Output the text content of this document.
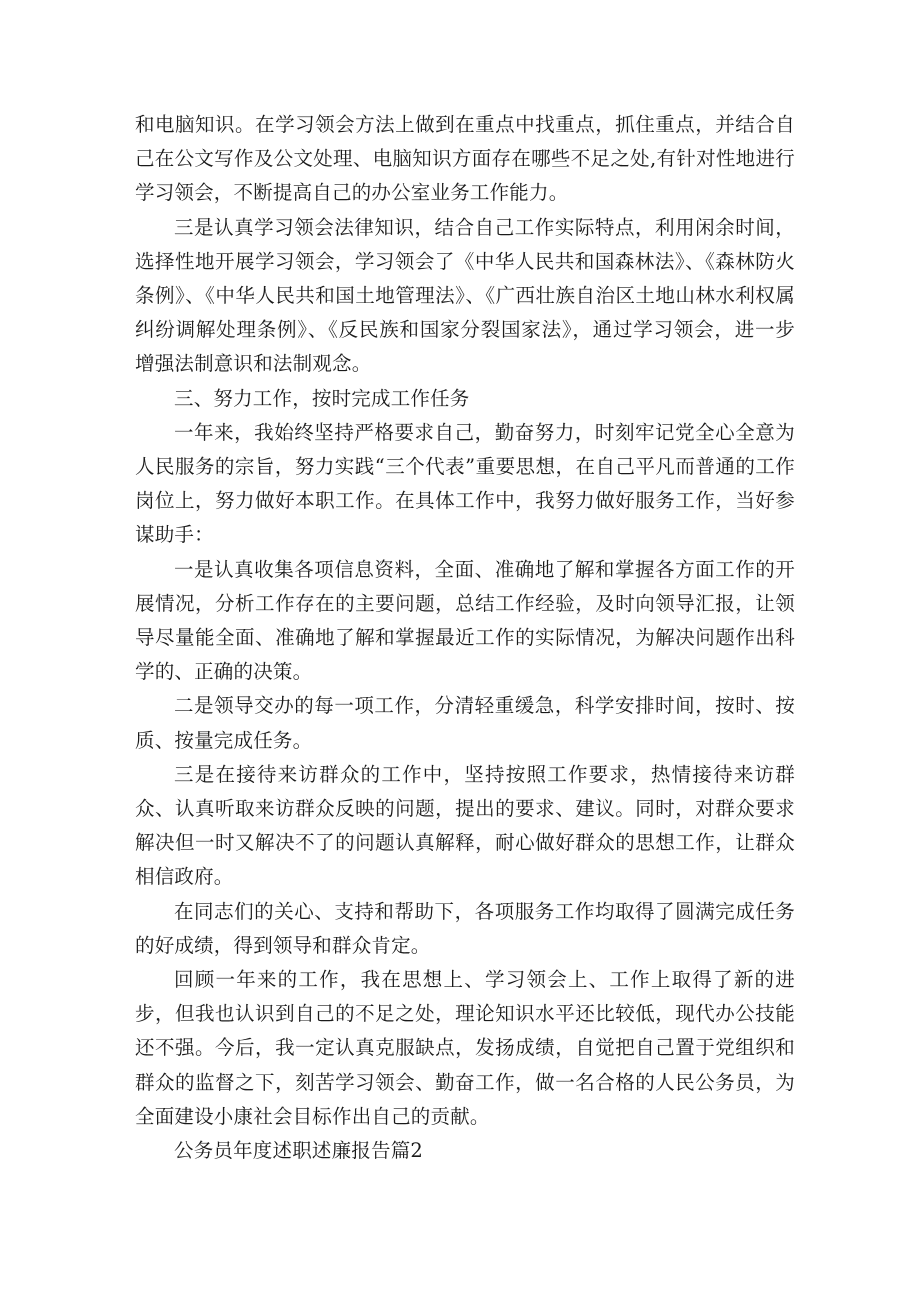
和电脑知识。在学习领会方法上做到在重点中找重点，抓住重点，并结合自己在公文写作及公文处理、电脑知识方面存在哪些不足之处,有针对性地进行学习领会，不断提高自己的办公室业务工作能力。

三是认真学习领会法律知识，结合自己工作实际特点，利用闲余时间，选择性地开展学习领会，学习领会了《中华人民共和国森林法》、《森林防火条例》、《中华人民共和国土地管理法》、《广西壮族自治区土地山林水利权属纠纷调解处理条例》、《反民族和国家分裂国家法》，通过学习领会，进一步增强法制意识和法制观念。

三、努力工作，按时完成工作任务

一年来，我始终坚持严格要求自己，勤奋努力，时刻牢记党全心全意为人民服务的宗旨，努力实践“三个代表”重要思想，在自己平凡而普通的工作岗位上，努力做好本职工作。在具体工作中，我努力做好服务工作，当好参谋助手：

一是认真收集各项信息资料，全面、准确地了解和掌握各方面工作的开展情况，分析工作存在的主要问题，总结工作经验，及时向领导汇报，让领导尽量能全面、准确地了解和掌握最近工作的实际情况，为解决问题作出科学的、正确的决策。

二是领导交办的每一项工作，分清轻重缓急，科学安排时间，按时、按质、按量完成任务。

三是在接待来访群众的工作中，坚持按照工作要求，热情接待来访群众、认真听取来访群众反映的问题，提出的要求、建议。同时，对群众要求解决但一时又解决不了的问题认真解释，耐心做好群众的思想工作，让群众相信政府。

在同志们的关心、支持和帮助下，各项服务工作均取得了圆满完成任务的好成绩，得到领导和群众肯定。

回顾一年来的工作，我在思想上、学习领会上、工作上取得了新的进步，但我也认识到自己的不足之处，理论知识水平还比较低，现代办公技能还不强。今后，我一定认真克服缺点，发扬成绩，自觉把自己置于党组织和群众的监督之下，刻苦学习领会、勤奋工作，做一名合格的人民公务员，为全面建设小康社会目标作出自己的贡献。

公务员年度述职述廉报告篇2
